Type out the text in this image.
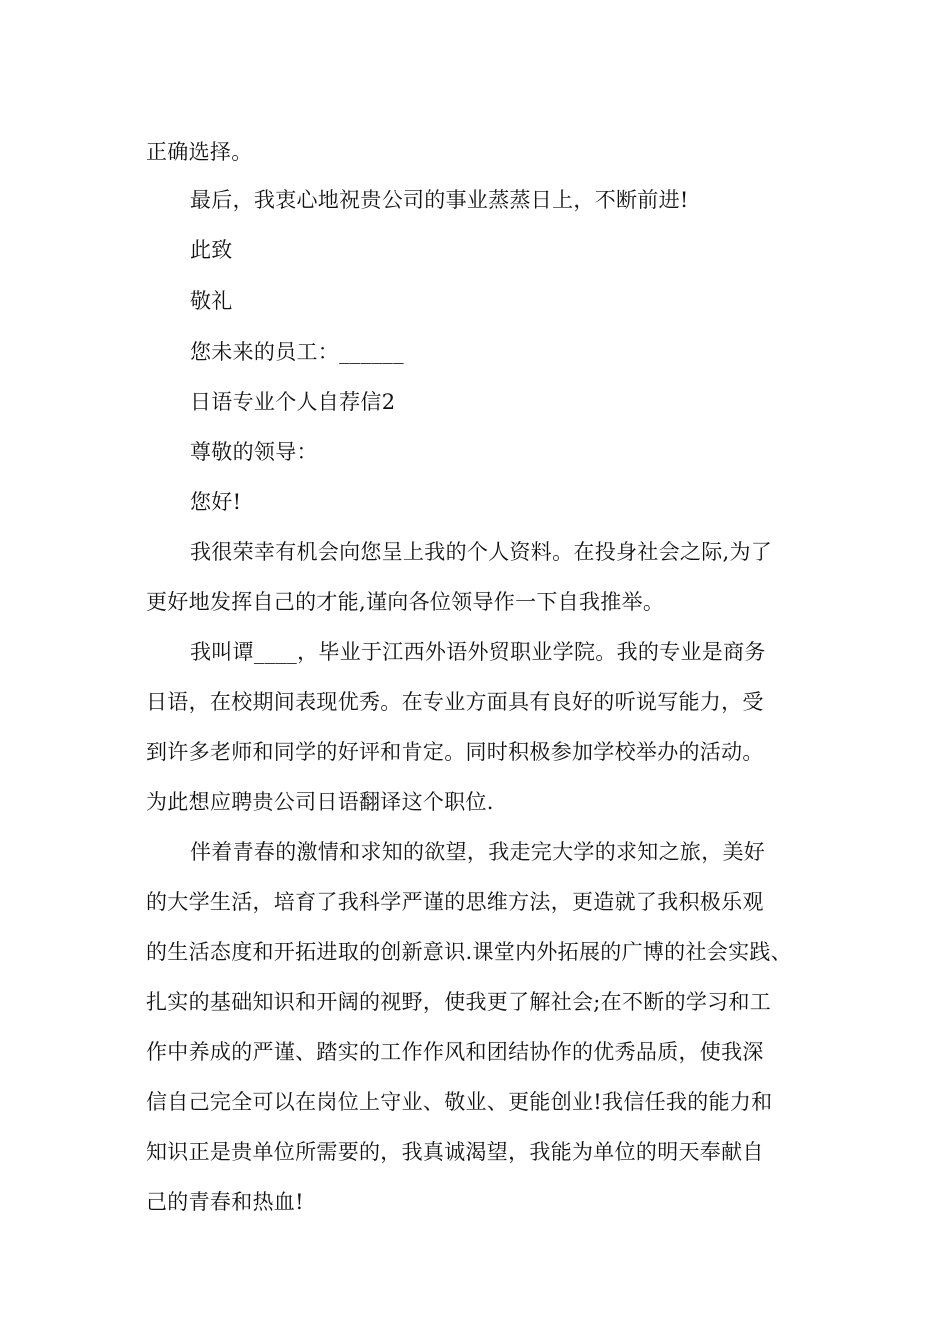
正确选择。
最后，我衷心地祝贵公司的事业蒸蒸日上，不断前进!
此致
敬礼
您未来的员工：______
日语专业个人自荐信2
尊敬的领导：
您好!
我很荣幸有机会向您呈上我的个人资料。在投身社会之际,为了
更好地发挥自己的才能,谨向各位领导作一下自我推举。
我叫谭____，毕业于江西外语外贸职业学院。我的专业是商务
日语，在校期间表现优秀。在专业方面具有良好的听说写能力，受
到许多老师和同学的好评和肯定。同时积极参加学校举办的活动。
为此想应聘贵公司日语翻译这个职位.
伴着青春的激情和求知的欲望，我走完大学的求知之旅，美好
的大学生活，培育了我科学严谨的思维方法，更造就了我积极乐观
的生活态度和开拓进取的创新意识.课堂内外拓展的广博的社会实践、
扎实的基础知识和开阔的视野，使我更了解社会;在不断的学习和工
作中养成的严谨、踏实的工作作风和团结协作的优秀品质，使我深
信自己完全可以在岗位上守业、敬业、更能创业!我信任我的能力和
知识正是贵单位所需要的，我真诚渴望，我能为单位的明天奉献自
己的青春和热血!
